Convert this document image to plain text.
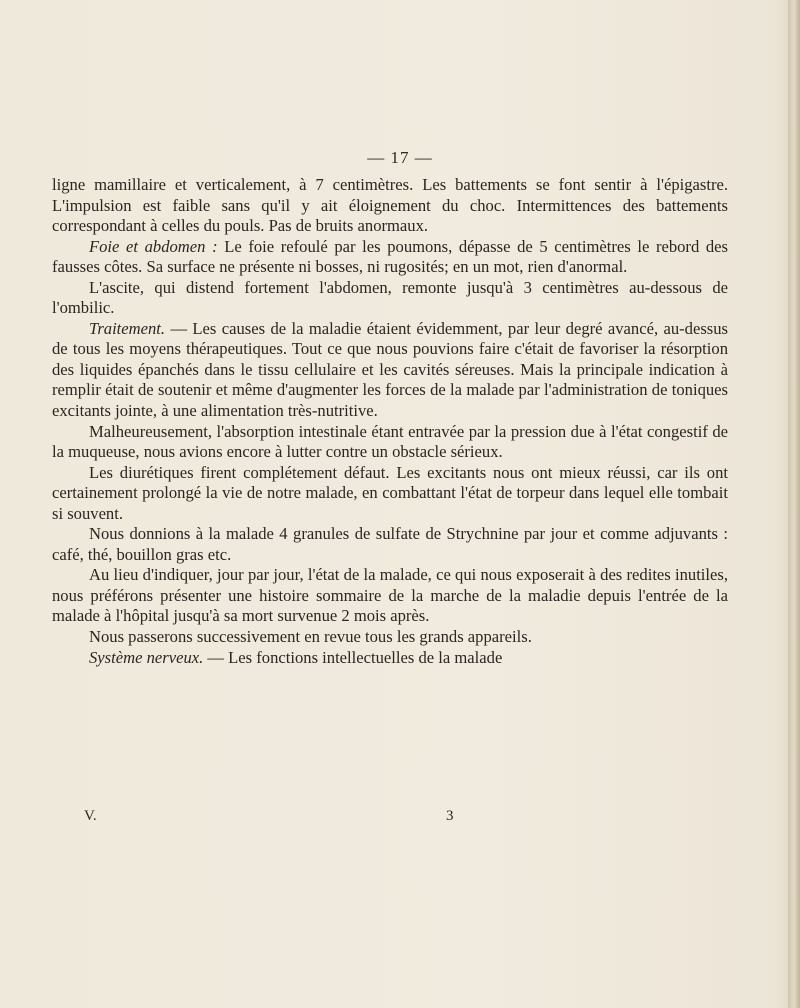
— 17 —

ligne mamillaire et verticalement, à 7 centimètres. Les battements se font sentir à l'épigastre. L'impulsion est faible sans qu'il y ait éloignement du choc. Intermittences des battements correspondant à celles du pouls. Pas de bruits anormaux.

Foie et abdomen : Le foie refoulé par les poumons, dépasse de 5 centimètres le rebord des fausses côtes. Sa surface ne présente ni bosses, ni rugosités; en un mot, rien d'anormal.

L'ascite, qui distend fortement l'abdomen, remonte jusqu'à 3 centimètres au-dessous de l'ombilic.

Traitement. — Les causes de la maladie étaient évidemment, par leur degré avancé, au-dessus de tous les moyens thérapeutiques. Tout ce que nous pouvions faire c'était de favoriser la résorption des liquides épanchés dans le tissu cellulaire et les cavités séreuses. Mais la principale indication à remplir était de soutenir et même d'augmenter les forces de la malade par l'administration de toniques excitants jointe, à une alimentation très-nutritive.

Malheureusement, l'absorption intestinale étant entravée par la pression due à l'état congestif de la muqueuse, nous avions encore à lutter contre un obstacle sérieux.

Les diurétiques firent complétement défaut. Les excitants nous ont mieux réussi, car ils ont certainement prolongé la vie de notre malade, en combattant l'état de torpeur dans lequel elle tombait si souvent.

Nous donnions à la malade 4 granules de sulfate de Strychnine par jour et comme adjuvants : café, thé, bouillon gras etc.

Au lieu d'indiquer, jour par jour, l'état de la malade, ce qui nous exposerait à des redites inutiles, nous préférons présenter une histoire sommaire de la marche de la maladie depuis l'entrée de la malade à l'hôpital jusqu'à sa mort survenue 2 mois après.

Nous passerons successivement en revue tous les grands appareils.

Système nerveux. — Les fonctions intellectuelles de la malade

V.	3
